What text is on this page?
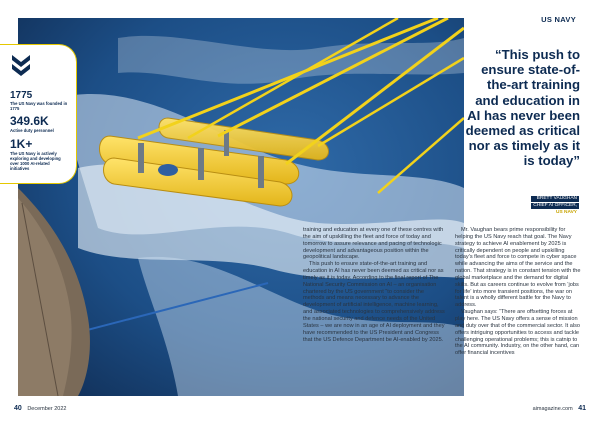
1775
The US Navy was founded in 1775
349.6K
Active duty personnel
1K+
The US Navy is actively exploring and developing over 1000 AI-related initiatives
US NAVY
“This push to ensure state-of-the-art training and education in AI has never been deemed as critical nor as timely as it is today”
BRETT VAUGHAN
CHIEF AI OFFICER,
US NAVY

training and education at every one of these centres with the aim of upskilling the fleet and force of today and tomorrow to assure relevance and pacing of technologic development and advantageous position within the geopolitical landscape.

This push to ensure state-of-the-art training and education in AI has never been deemed as critical nor as timely as it is today. According to the final report of The National Security Commission on AI – an organisation chartered by the US government “to consider the methods and means necessary to advance the development of artificial intelligence, machine learning, and associated technologies to comprehensively address the national security and defence needs of the United States – we are now in an age of AI deployment and they have recommended to the US President and Congress that the US Defence Department be AI-enabled by 2025.

Mr. Vaughan bears prime responsibility for helping the US Navy reach that goal. The Navy strategy to achieve AI enablement by 2025 is critically dependent on people and upskilling today’s fleet and force to compete in cyber space while advancing the aims of the service and the nation. That strategy is in constant tension with the global marketplace and the demand for digital skills. But as careers continue to evolve from ‘jobs for life’ into more transient positions, the war on talent is a wholly different battle for the Navy to address.

Vaughan says: “There are offsetting forces at play here. The US Navy offers a sense of mission and duty over that of the commercial sector. It also offers intriguing opportunities to access and tackle challenging operational problems; this is catnip to the AI community. Industry, on the other hand, can offer financial incentives

40 December 2022	aimagazine.com 41
